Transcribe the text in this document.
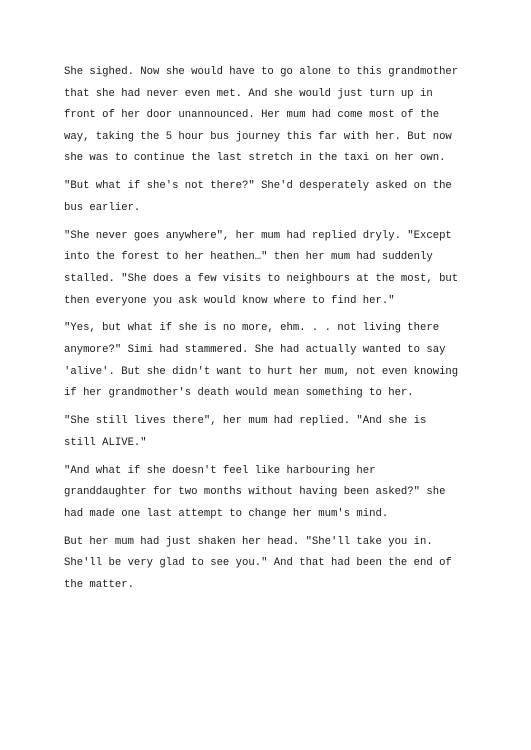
She sighed. Now she would have to go alone to this grandmother
that she had never even met. And she would just turn up in
front of her door unannounced. Her mum had come most of the
way, taking the 5 hour bus journey this far with her. But now
she was to continue the last stretch in the taxi on her own.

"But what if she's not there?" She'd desperately asked on the
bus earlier.

"She never goes anywhere", her mum had replied dryly. "Except
into the forest to her heathen…" then her mum had suddenly
stalled. "She does a few visits to neighbours at the most, but
then everyone you ask would know where to find her."

"Yes, but what if she is no more, ehm. . . not living there
anymore?" Simi had stammered. She had actually wanted to say
'alive'. But she didn't want to hurt her mum, not even knowing
if her grandmother's death would mean something to her.

"She still lives there", her mum had replied. "And she is
still ALIVE."

"And what if she doesn't feel like harbouring her
granddaughter for two months without having been asked?" she
had made one last attempt to change her mum's mind.

But her mum had just shaken her head. "She'll take you in.
She'll be very glad to see you." And that had been the end of
the matter.
